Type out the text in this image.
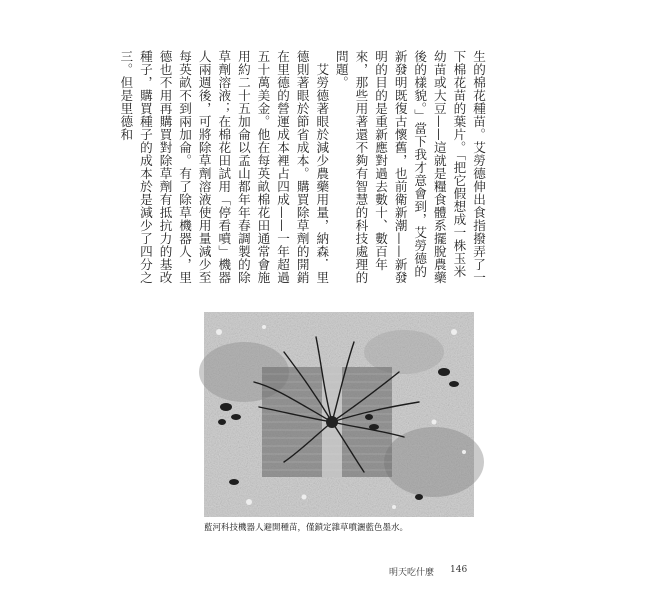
生的棉花種苗。艾勞德伸出食指撥弄了一下棉花苗的葉片。「把它假想成一株玉米幼苗或大豆——這就是糧食體系擺脫農藥後的樣貌。」當下我才意會到，艾勞德的新發明既復古懷舊，也前衛新潮——新發明的目的是重新應對過去數十、數百年來，那些用著還不夠有智慧的科技處理的問題。

艾勞德著眼於減少農藥用量，納森．里德則著眼於節省成本。購買除草劑的開銷在里德的營運成本裡占四成——一年超過五十萬美金。他在每英畝棉花田通常會施用約二十五加侖以孟山都年年春調製的除草劑溶液；在棉花田試用「停看噴」機器人兩週後，可將除草劑溶液使用量減少至每英畝不到兩加侖。有了除草機器人，里德也不用再購買對除草劑有抵抗力的基改種子，購買種子的成本於是減少了四分之三。但是里德和

藍河科技機器人避開種苗，僅鎖定雜草噴灑藍色墨水。
明天吃什麼 146
